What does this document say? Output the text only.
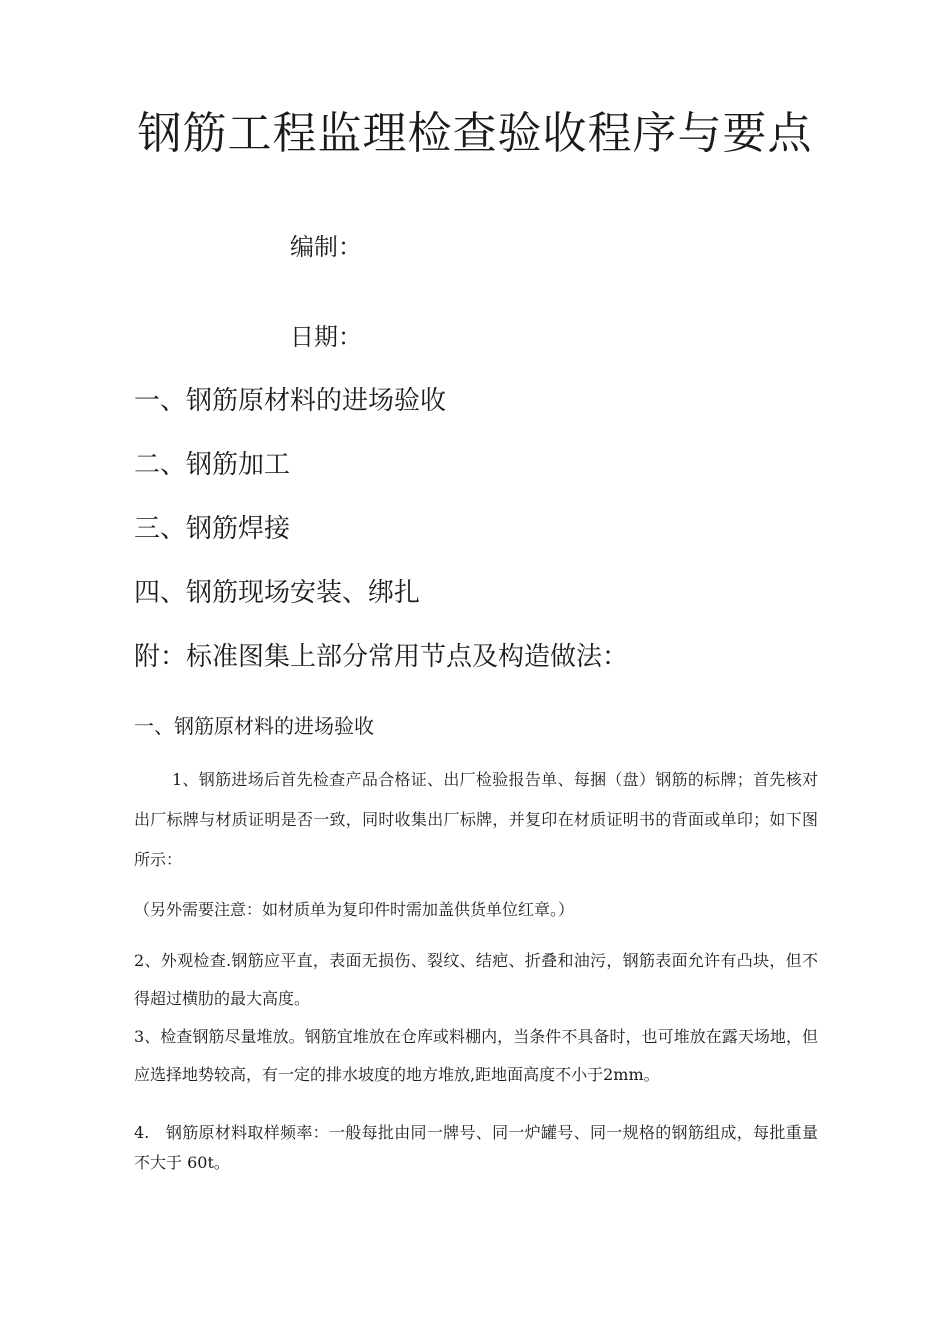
钢筋工程监理检查验收程序与要点
编制：
日期：
一、钢筋原材料的进场验收
二、钢筋加工
三、钢筋焊接
四、钢筋现场安装、绑扎
附：标准图集上部分常用节点及构造做法：
一、钢筋原材料的进场验收
1、钢筋进场后首先检查产品合格证、出厂检验报告单、每捆（盘）钢筋的标牌；首先核对出厂标牌与材质证明是否一致，同时收集出厂标牌，并复印在材质证明书的背面或单印；如下图所示：
（另外需要注意：如材质单为复印件时需加盖供货单位红章。）
2、外观检查.钢筋应平直，表面无损伤、裂纹、结疤、折叠和油污，钢筋表面允许有凸块，但不得超过横肋的最大高度。
3、检查钢筋尽量堆放。钢筋宜堆放在仓库或料棚内，当条件不具备时，也可堆放在露天场地，但应选择地势较高，有一定的排水坡度的地方堆放,距地面高度不小于2mm。
4.　钢筋原材料取样频率：一般每批由同一牌号、同一炉罐号、同一规格的钢筋组成，每批重量不大于 60t。
